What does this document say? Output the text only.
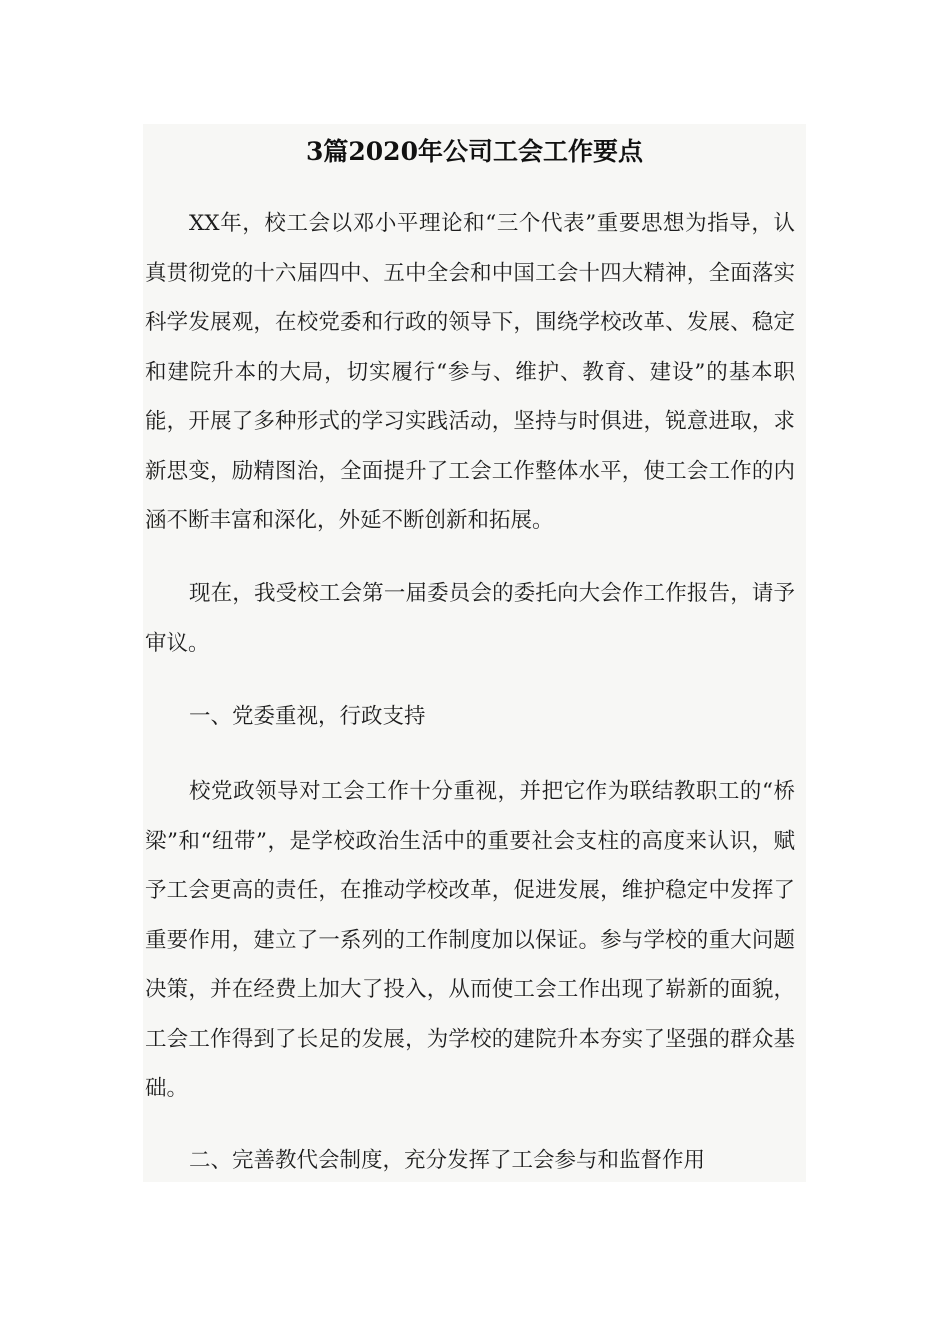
3篇2020年公司工会工作要点

XX年，校工会以邓小平理论和“三个代表”重要思想为指导，认真贯彻党的十六届四中、五中全会和中国工会十四大精神，全面落实科学发展观，在校党委和行政的领导下，围绕学校改革、发展、稳定和建院升本的大局，切实履行“参与、维护、教育、建设”的基本职能，开展了多种形式的学习实践活动，坚持与时俱进，锐意进取，求新思变，励精图治，全面提升了工会工作整体水平，使工会工作的内涵不断丰富和深化，外延不断创新和拓展。

现在，我受校工会第一届委员会的委托向大会作工作报告，请予审议。

一、党委重视，行政支持

校党政领导对工会工作十分重视，并把它作为联结教职工的“桥梁”和“纽带”，是学校政治生活中的重要社会支柱的高度来认识，赋予工会更高的责任，在推动学校改革，促进发展，维护稳定中发挥了重要作用，建立了一系列的工作制度加以保证。参与学校的重大问题决策，并在经费上加大了投入，从而使工会工作出现了崭新的面貌，工会工作得到了长足的发展，为学校的建院升本夯实了坚强的群众基础。

二、完善教代会制度，充分发挥了工会参与和监督作用
